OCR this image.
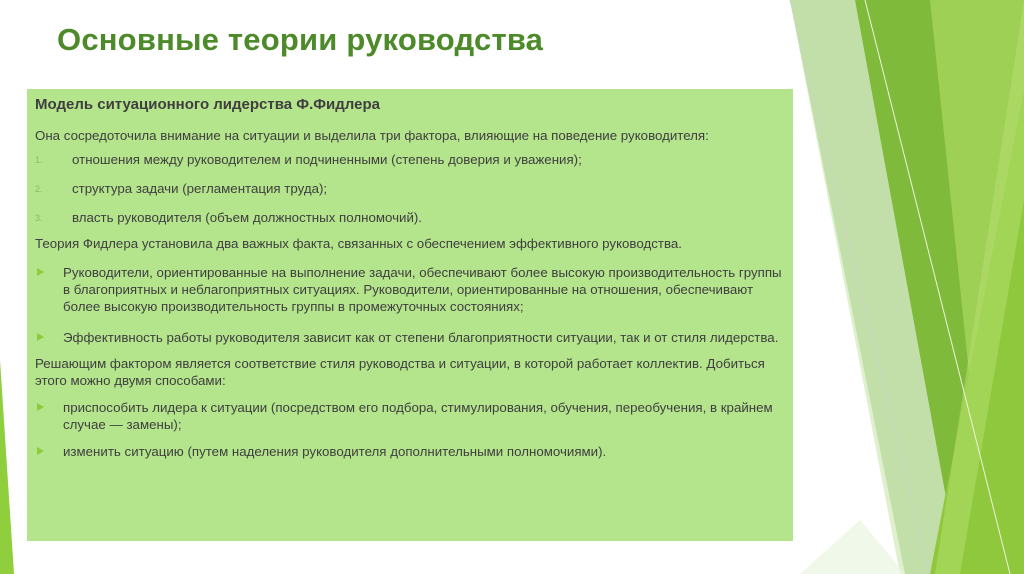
Основные теории руководства
Модель ситуационного лидерства Ф.Фидлера
Она сосредоточила внимание на ситуации и выделила три фактора, влияющие на поведение руководителя:
1. отношения между руководителем и подчиненными (степень доверия и уважения);
2. структура задачи (регламентация труда);
3. власть руководителя (объем должностных полномочий).
Теория Фидлера установила два важных факта, связанных с обеспечением эффективного руководства.
Руководители, ориентированные на выполнение задачи, обеспечивают более высокую производительность группы в благоприятных и неблагоприятных ситуациях. Руководители, ориентированные на отношения, обеспечивают более высокую производительность группы в промежуточных состояниях;
Эффективность работы руководителя зависит как от степени благоприятности ситуации, так и от стиля лидерства.
Решающим фактором является соответствие стиля руководства и ситуации, в которой работает коллектив. Добиться этого можно двумя способами:
приспособить лидера к ситуации (посредством его подбора, стимулирования, обучения, переобучения, в крайнем случае — замены);
изменить ситуацию (путем наделения руководителя дополнительными полномочиями).
